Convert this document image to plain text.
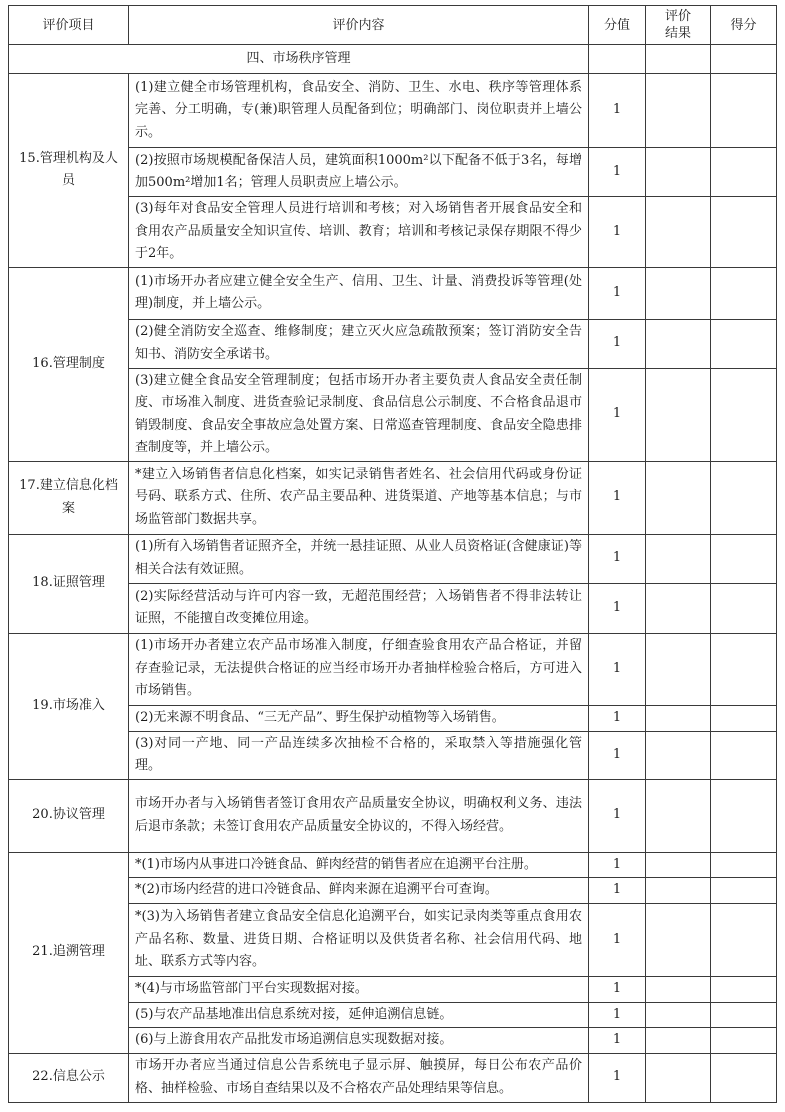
评价项目	评价内容	分值	评价结果	得分
四、市场秩序管理				
15.管理机构及人员	(1)建立健全市场管理机构，食品安全、消防、卫生、水电、秩序等管理体系完善、分工明确，专(兼)职管理人员配备到位；明确部门、岗位职责并上墙公示。	1		
	(2)按照市场规模配备保洁人员，建筑面积1000m²以下配备不低于3名，每增加500m²增加1名；管理人员职责应上墙公示。	1		
	(3)每年对食品安全管理人员进行培训和考核；对入场销售者开展食品安全和食用农产品质量安全知识宣传、培训、教育；培训和考核记录保存期限不得少于2年。	1		
16.管理制度	(1)市场开办者应建立健全安全生产、信用、卫生、计量、消费投诉等管理(处理)制度，并上墙公示。	1		
	(2)健全消防安全巡查、维修制度；建立灭火应急疏散预案；签订消防安全告知书、消防安全承诺书。	1		
	(3)建立健全食品安全管理制度；包括市场开办者主要负责人食品安全责任制度、市场准入制度、进货查验记录制度、食品信息公示制度、不合格食品退市销毁制度、食品安全事故应急处置方案、日常巡查管理制度、食品安全隐患排查制度等，并上墙公示。	1		
17.建立信息化档案	*建立入场销售者信息化档案，如实记录销售者姓名、社会信用代码或身份证号码、联系方式、住所、农产品主要品种、进货渠道、产地等基本信息；与市场监管部门数据共享。	1		
18.证照管理	(1)所有入场销售者证照齐全，并统一悬挂证照、从业人员资格证(含健康证)等相关合法有效证照。	1		
	(2)实际经营活动与许可内容一致，无超范围经营；入场销售者不得非法转让证照，不能擅自改变摊位用途。	1		
19.市场准入	(1)市场开办者建立农产品市场准入制度，仔细查验食用农产品合格证，并留存查验记录，无法提供合格证的应当经市场开办者抽样检验合格后，方可进入市场销售。	1		
	(2)无来源不明食品、“三无产品”、野生保护动植物等入场销售。	1		
	(3)对同一产地、同一产品连续多次抽检不合格的，采取禁入等措施强化管理。	1		
20.协议管理	市场开办者与入场销售者签订食用农产品质量安全协议，明确权利义务、违法后退市条款；未签订食用农产品质量安全协议的，不得入场经营。	1		
21.追溯管理	*(1)市场内从事进口冷链食品、鲜肉经营的销售者应在追溯平台注册。	1		
	*(2)市场内经营的进口冷链食品、鲜肉来源在追溯平台可查询。	1		
	*(3)为入场销售者建立食品安全信息化追溯平台，如实记录肉类等重点食用农产品名称、数量、进货日期、合格证明以及供货者名称、社会信用代码、地址、联系方式等内容。	1		
	*(4)与市场监管部门平台实现数据对接。	1		
	(5)与农产品基地准出信息系统对接，延伸追溯信息链。	1		
	(6)与上游食用农产品批发市场追溯信息实现数据对接。	1		
22.信息公示	市场开办者应当通过信息公告系统电子显示屏、触摸屏，每日公布农产品价格、抽样检验、市场自查结果以及不合格农产品处理结果等信息。	1		
